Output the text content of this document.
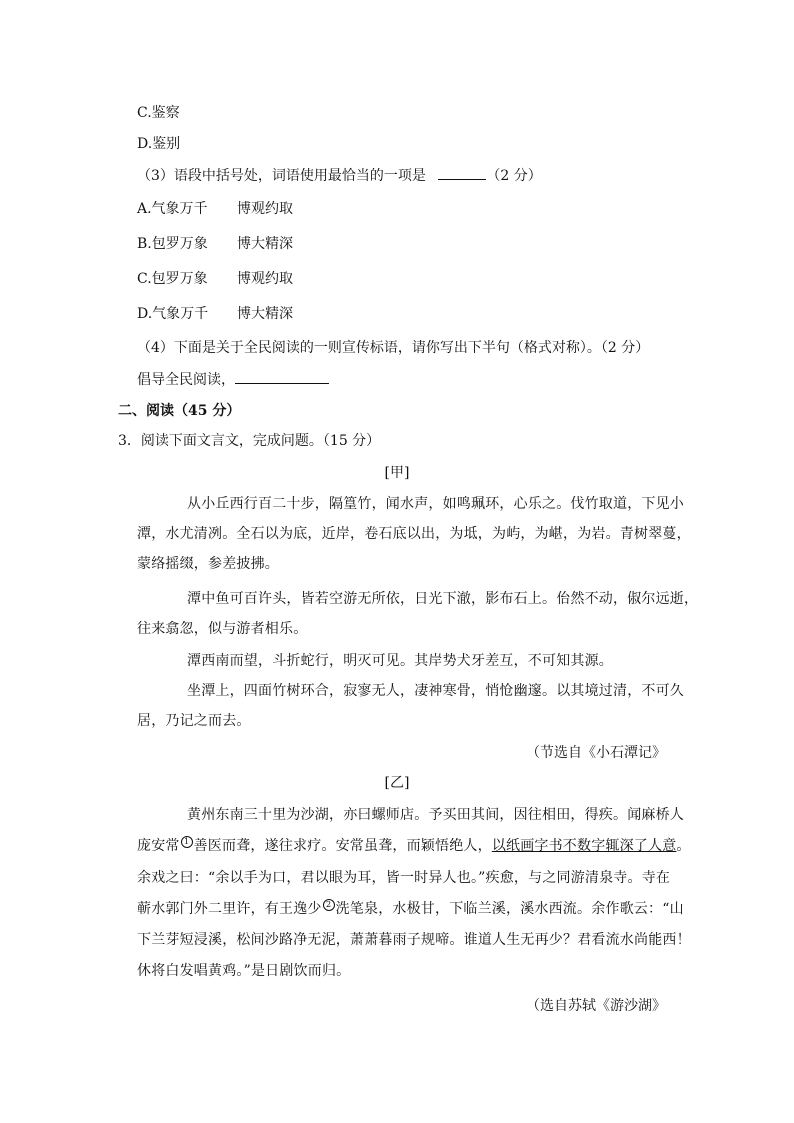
C.鉴察
D.鉴别
（3）语段中括号处，词语使用最恰当的一项是	（2 分）
A.气象万千 博观约取
B.包罗万象 博大精深
C.包罗万象 博观约取
D.气象万千 博大精深
（4）下面是关于全民阅读的一则宣传标语，请你写出下半句（格式对称）。（2 分）
倡导全民阅读，
二、阅读（45 分）
3．阅读下面文言文，完成问题。（15 分）
[甲]
从小丘西行百二十步，隔篁竹，闻水声，如鸣珮环，心乐之。伐竹取道，下见小
潭，水尤清冽。全石以为底，近岸，卷石底以出，为坻，为屿，为嵁，为岩。青树翠蔓，
蒙络摇缀，参差披拂。
潭中鱼可百许头，皆若空游无所依，日光下澈，影布石上。佁然不动，俶尔远逝，
往来翕忽，似与游者相乐。
潭西南而望，斗折蛇行，明灭可见。其岸势犬牙差互，不可知其源。
坐潭上，四面竹树环合，寂寥无人，凄神寒骨，悄怆幽邃。以其境过清，不可久
居，乃记之而去。
（节选自《小石潭记》
[乙]
黄州东南三十里为沙湖，亦曰螺师店。予买田其间，因往相田，得疾。闻麻桥人
庞安常 1 善医而聋，遂往求疗。安常虽聋，而颖悟绝人，以纸画字书不数字辄深了人意。
余戏之曰：“余以手为口，君以眼为耳，皆一时异人也。”疾愈，与之同游清泉寺。寺在
蕲水郭门外二里许，有王逸少 2 洗笔泉，水极甘，下临兰溪，溪水西流。余作歌云：“山
下兰芽短浸溪，松间沙路净无泥，萧萧暮雨子规啼。谁道人生无再少？君看流水尚能西！
休将白发唱黄鸡。”是日剧饮而归。
（选自苏轼《游沙湖》
